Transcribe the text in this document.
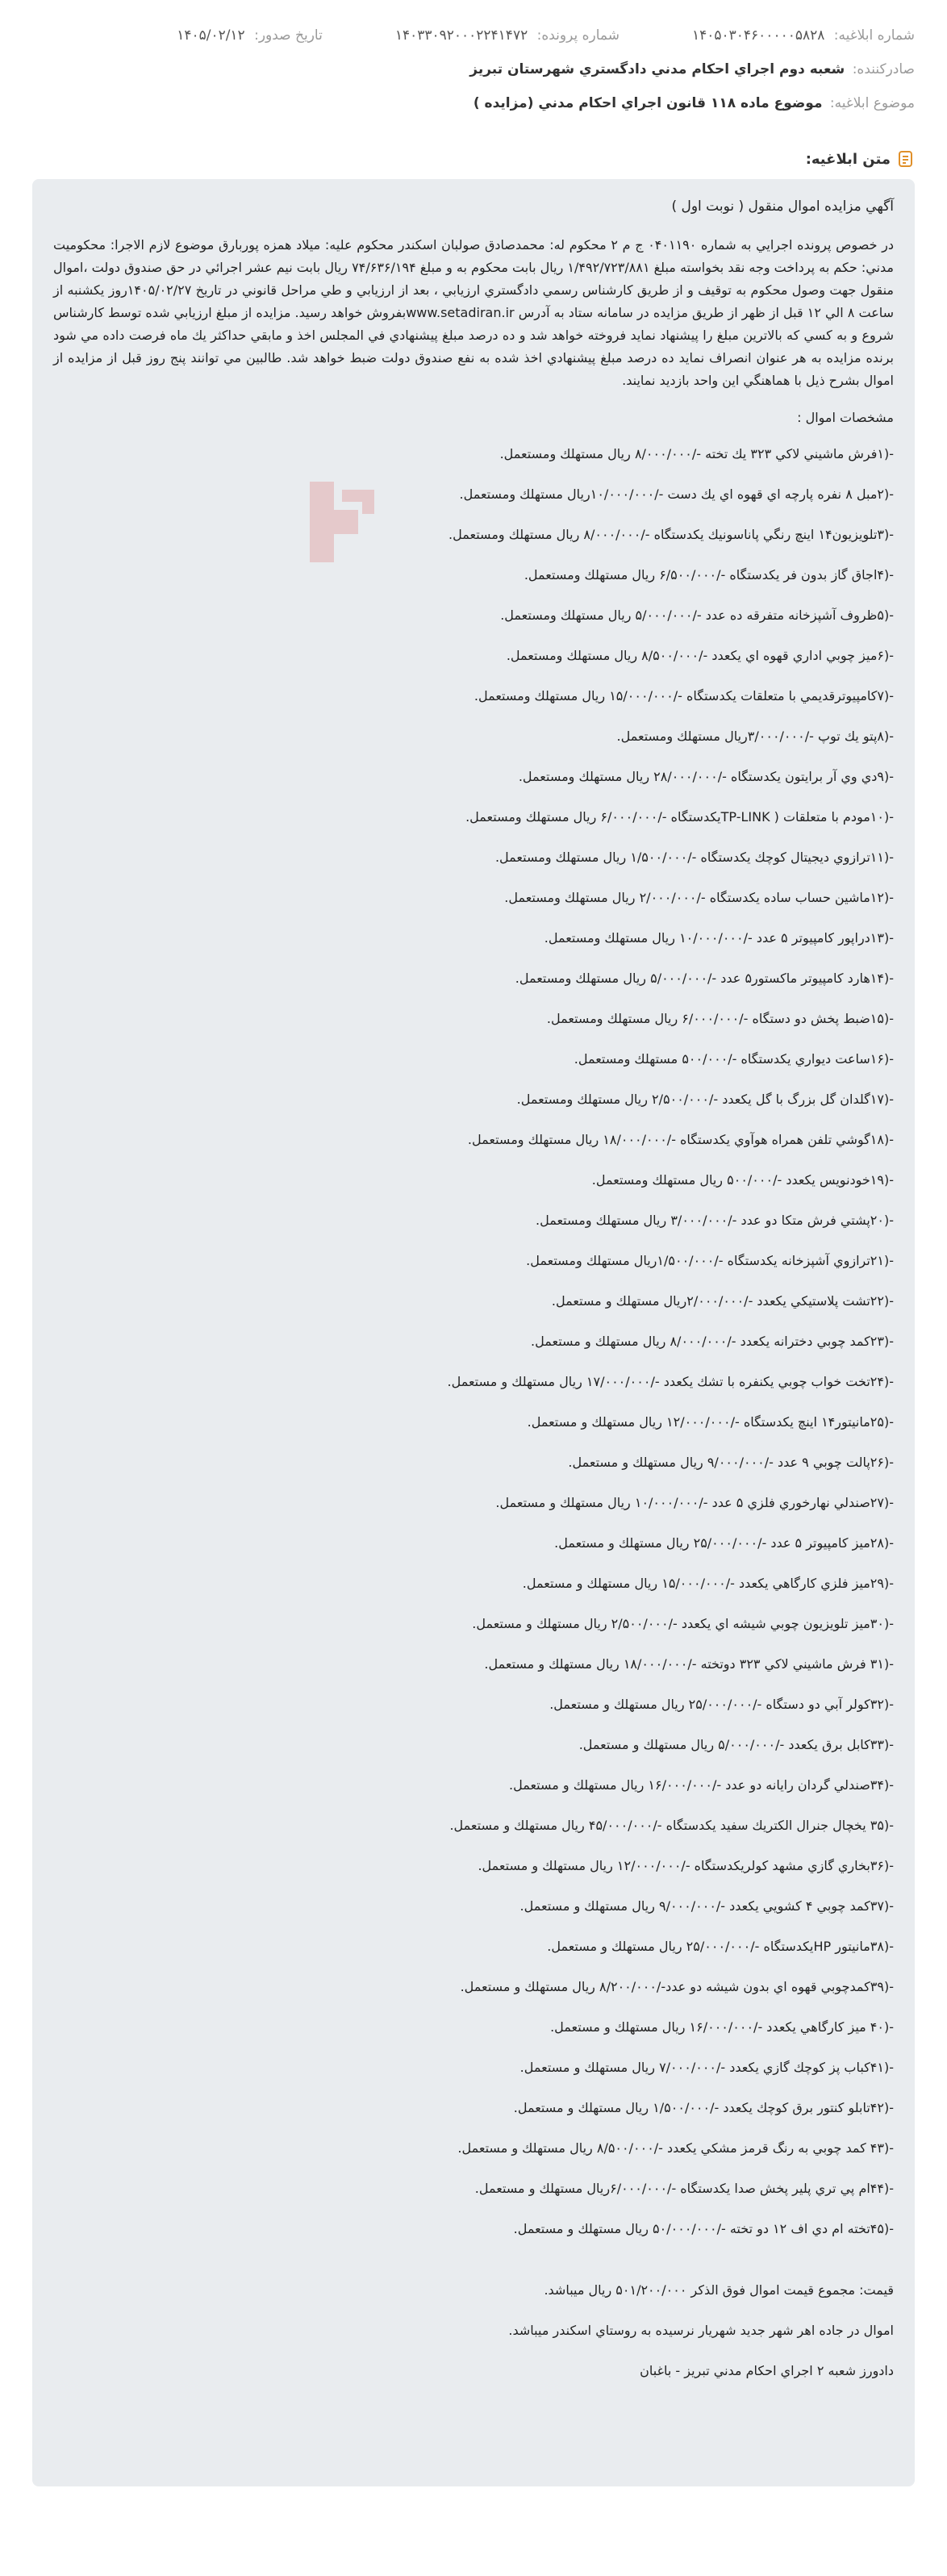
شماره ابلاغیه: ۱۴۰۵۰۳۰۴۶۰۰۰۰۰۵۸۲۸
شماره پرونده: ۱۴۰۳۳۰۹۲۰۰۰۲۲۴۱۴۷۲
تاریخ صدور: ۱۴۰۵/۰۲/۱۲
صادرکننده: شعبه دوم اجراي احكام مدني دادگستري شهرستان تبريز
موضوع ابلاغیه: موضوع ماده ۱۱۸ قانون اجراي احكام مدني (مزايده )
متن ابلاغیه:
آگهي مزايده اموال منقول ( نوبت اول )

در خصوص پرونده اجرايي به شماره ۰۴۰۱۱۹۰ ج م ۲ محكوم له: محمدصادق صولبان اسكندر محكوم عليه: ميلاد همزه پوربارق موضوع لازم الاجرا: محكوميت مدني: حكم به پرداخت وجه نقد بخواسته مبلغ ۱/۴۹۲/۷۲۳/۸۸۱ ريال بابت محكوم به و مبلغ ۷۴/۶۳۶/۱۹۴ ريال بابت نيم عشر اجرائي در حق صندوق دولت ،اموال منقول جهت وصول محكوم به توقيف و از طريق كارشناس رسمي دادگستري ارزيابي ، بعد از ارزيابي و طي مراحل قانوني در تاريخ ۱۴۰۵/۰۲/۲۷روز يكشنبه از ساعت ۸ الي ۱۲ قبل از ظهر از طريق مزايده در سامانه ستاد به آدرس www.setadiran.irبفروش خواهد رسيد. مزايده از مبلغ ارزيابي شده توسط كارشناس شروع و به كسي كه بالاترين مبلغ را پيشنهاد نمايد فروخته خواهد شد و ده درصد مبلغ پيشنهادي في المجلس اخذ و مابقي حداكثر يك ماه فرصت داده مي شود برنده مزايده به هر عنوان انصراف نمايد ده درصد مبلغ پيشنهادي اخذ شده به نفع صندوق دولت ضبط خواهد شد. طالبين مي توانند پنج روز قبل از مزايده از اموال بشرح ذيل با هماهنگي اين واحد بازديد نمايند.

مشخصات اموال :
-(۱فرش ماشيني لاكي ۳۲۳ يك تخته -/۸/۰۰۰/۰۰۰ ريال مستهلك ومستعمل.
-(۲مبل ۸ نفره پارچه اي قهوه اي يك دست -/۱۰/۰۰۰/۰۰۰ريال مستهلك ومستعمل.
-(۳تلويزيون۱۴ اينچ رنگي پاناسونيك يكدستگاه -/۸/۰۰۰/۰۰۰ ريال مستهلك ومستعمل.
-(۴اجاق گاز بدون فر يكدستگاه -/۶/۵۰۰/۰۰۰ ريال مستهلك ومستعمل.
-(۵ظروف آشپزخانه متفرقه ده عدد -/۵/۰۰۰/۰۰۰ ريال مستهلك ومستعمل.
-(۶ميز چوبي اداري قهوه اي يكعدد -/۸/۵۰۰/۰۰۰ ريال مستهلك ومستعمل.
-(۷كامپيوترقديمي با متعلقات يكدستگاه -/۱۵/۰۰۰/۰۰۰ ريال مستهلك ومستعمل.
-(۸پتو يك توپ -/۳/۰۰۰/۰۰۰ريال مستهلك ومستعمل.
-(۹دي وي آر برايتون يكدستگاه -/۲۸/۰۰۰/۰۰۰ ريال مستهلك ومستعمل.
-(۱۰مودم با متعلقات ( TP-LINKيكدستگاه -/۶/۰۰۰/۰۰۰ ريال مستهلك ومستعمل.
-(۱۱ترازوي ديجيتال كوچك يكدستگاه -/۱/۵۰۰/۰۰۰ ريال مستهلك ومستعمل.
-(۱۲ماشين حساب ساده يكدستگاه -/۲/۰۰۰/۰۰۰ ريال مستهلك ومستعمل.
-(۱۳دراپور كامپيوتر ۵ عدد -/۱۰/۰۰۰/۰۰۰ ريال مستهلك ومستعمل.
-(۱۴هارد كامپيوتر ماكستور۵ عدد -/۵/۰۰۰/۰۰۰ ريال مستهلك ومستعمل.
-(۱۵ضبط پخش دو دستگاه -/۶/۰۰۰/۰۰۰ ريال مستهلك ومستعمل.
-(۱۶ساعت ديواري يكدستگاه -/۵۰۰/۰۰۰ مستهلك ومستعمل.
-(۱۷گلدان گل بزرگ با گل يكعدد -/۲/۵۰۰/۰۰۰ ريال مستهلك ومستعمل.
-(۱۸گوشي تلفن همراه هوآوي يكدستگاه -/۱۸/۰۰۰/۰۰۰ ريال مستهلك ومستعمل.
-(۱۹خودنويس يكعدد -/۵۰۰/۰۰۰ ريال مستهلك ومستعمل.
-(۲۰پشتي فرش متكا دو عدد -/۳/۰۰۰/۰۰۰ ريال مستهلك ومستعمل.
-(۲۱ترازوي آشپزخانه يكدستگاه -/۱/۵۰۰/۰۰۰ريال مستهلك ومستعمل.
-(۲۲تشت پلاستيكي يكعدد -/۲/۰۰۰/۰۰۰ريال مستهلك و مستعمل.
-(۲۳كمد چوبي دخترانه يكعدد -/۸/۰۰۰/۰۰۰ ريال مستهلك و مستعمل.
-(۲۴تخت خواب چوبي يكنفره با تشك يكعدد -/۱۷/۰۰۰/۰۰۰ ريال مستهلك و مستعمل.
-(۲۵مانيتور۱۴ اينچ يكدستگاه -/۱۲/۰۰۰/۰۰۰ ريال مستهلك و مستعمل.
-(۲۶پالت چوبي ۹ عدد -/۹/۰۰۰/۰۰۰ ريال مستهلك و مستعمل.
-(۲۷صندلي نهارخوري فلزي ۵ عدد -/۱۰/۰۰۰/۰۰۰ ريال مستهلك و مستعمل.
-(۲۸ميز كامپيوتر ۵ عدد -/۲۵/۰۰۰/۰۰۰ ريال مستهلك و مستعمل.
-(۲۹ميز فلزي كارگاهي يكعدد -/۱۵/۰۰۰/۰۰۰ ريال مستهلك و مستعمل.
-(۳۰ميز تلويزيون چوبي شيشه اي يكعدد -/۲/۵۰۰/۰۰۰ ريال مستهلك و مستعمل.
-(۳۱ فرش ماشيني لاكي ۳۲۳ دوتخته -/۱۸/۰۰۰/۰۰۰ ريال مستهلك و مستعمل.
-(۳۲كولر آبي دو دستگاه -/۲۵/۰۰۰/۰۰۰ ريال مستهلك و مستعمل.
-(۳۳كابل برق يكعدد -/۵/۰۰۰/۰۰۰ ريال مستهلك و مستعمل.
-(۳۴صندلي گردان رايانه دو عدد -/۱۶/۰۰۰/۰۰۰ ريال مستهلك و مستعمل.
-(۳۵ يخچال جنرال الكتريك سفيد يكدستگاه -/۴۵/۰۰۰/۰۰۰ ريال مستهلك و مستعمل.
-(۳۶بخاري گازي مشهد كولريكدستگاه -/۱۲/۰۰۰/۰۰۰ ريال مستهلك و مستعمل.
-(۳۷كمد چوبي ۴ كشويي يكعدد -/۹/۰۰۰/۰۰۰ ريال مستهلك و مستعمل.
-(۳۸مانيتور HPيكدستگاه -/۲۵/۰۰۰/۰۰۰ ريال مستهلك و مستعمل.
-(۳۹كمدچوبي قهوه اي بدون شيشه دو عدد-/۸/۲۰۰/۰۰۰ ريال مستهلك و مستعمل.
-(۴۰ ميز كارگاهي يكعدد -/۱۶/۰۰۰/۰۰۰ ريال مستهلك و مستعمل.
-(۴۱كباب پز كوچك گازي يكعدد -/۷/۰۰۰/۰۰۰ ريال مستهلك و مستعمل.
-(۴۲تابلو كنتور برق كوچك يكعدد -/۱/۵۰۰/۰۰۰ ريال مستهلك و مستعمل.
-(۴۳ كمد چوبي به رنگ قرمز مشكي يكعدد -/۸/۵۰۰/۰۰۰ ريال مستهلك و مستعمل.
-(۴۴ام پي تري پلير پخش صدا يكدستگاه -/۶/۰۰۰/۰۰۰ريال مستهلك و مستعمل.
-(۴۵تخته ام دي اف ۱۲ دو تخته -/۵۰/۰۰۰/۰۰۰ ريال مستهلك و مستعمل.

قيمت: مجموع قيمت اموال فوق الذكر ۵۰۱/۲۰۰/۰۰۰ ريال ميباشد.

اموال در جاده اهر شهر جديد شهريار نرسيده به روستاي اسكندر ميباشد.

دادورز شعبه ۲ اجراي احكام مدني تبريز - باغبان
